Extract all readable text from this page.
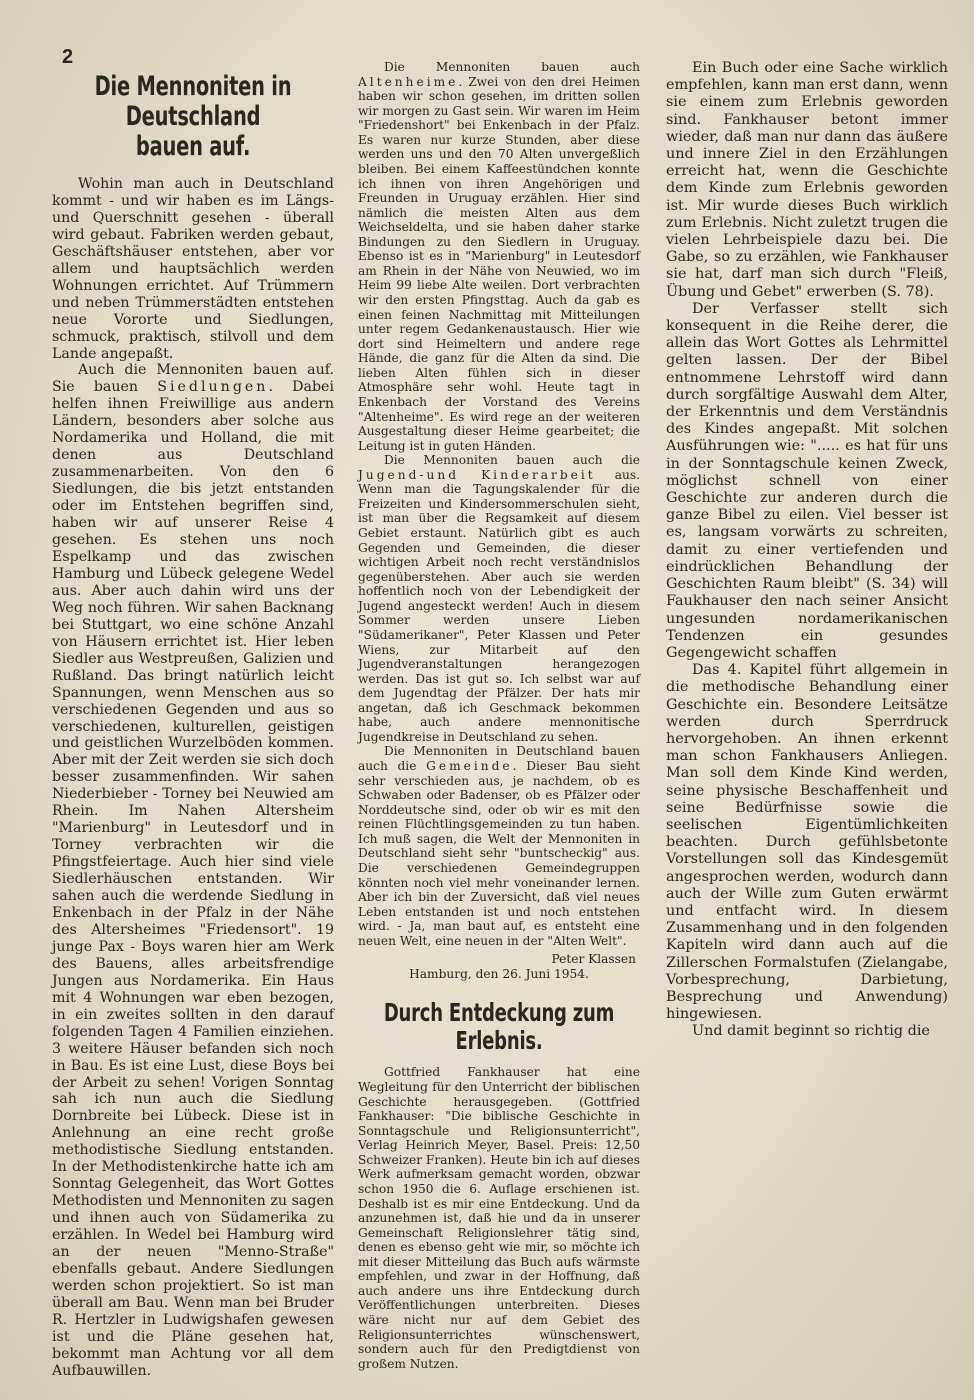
2
Die Mennoniten in Deutschland
bauen auf.

Wohin man auch in Deutschland kommt - und wir haben es im Längs- und Querschnitt gesehen - überall wird gebaut. Fabriken werden gebaut, Geschäftshäuser entstehen, aber vor allem und hauptsächlich werden Wohnungen errichtet. Auf Trümmern und neben Trümmerstädten entstehen neue Vororte und Siedlungen, schmuck, praktisch, stilvoll und dem Lande angepaßt.

Auch die Mennoniten bauen auf. Sie bauen Siedlungen. Dabei helfen ihnen Freiwillige aus andern Ländern, besonders aber solche aus Nordamerika und Holland, die mit denen aus Deutschland zusammenarbeiten. Von den 6 Siedlungen, die bis jetzt entstanden oder im Entstehen begriffen sind, haben wir auf unserer Reise 4 gesehen. Es stehen uns noch Espelkamp und das zwischen Hamburg und Lübeck gelegene Wedel aus. Aber auch dahin wird uns der Weg noch führen. Wir sahen Backnang bei Stuttgart, wo eine schöne Anzahl von Häusern errichtet ist. Hier leben Siedler aus Westpreußen, Galizien und Rußland. Das bringt natürlich leicht Spannungen, wenn Menschen aus so verschiedenen Gegenden und aus so verschiedenen, kulturellen, geistigen und geistlichen Wurzelböden kommen. Aber mit der Zeit werden sie sich doch besser zusammenfinden. Wir sahen Niederbieber - Torney bei Neuwied am Rhein. Im Nahen Altersheim "Marienburg" in Leutesdorf und in Torney verbrachten wir die Pfingstfeiertage. Auch hier sind viele Siedlerhäuschen entstanden. Wir sahen auch die werdende Siedlung in Enkenbach in der Pfalz in der Nähe des Altersheimes "Friedensort". 19 junge Pax - Boys waren hier am Werk des Bauens, alles arbeitsfrendige Jungen aus Nordamerika. Ein Haus mit 4 Wohnungen war eben bezogen, in ein zweites sollten in den darauf folgenden Tagen 4 Familien einziehen. 3 weitere Häuser befanden sich noch in Bau. Es ist eine Lust, diese Boys bei der Arbeit zu sehen! Vorigen Sonntag sah ich nun auch die Siedlung Dornbreite bei Lübeck. Diese ist in Anlehnung an eine recht große methodistische Siedlung entstanden. In der Methodistenkirche hatte ich am Sonntag Gelegenheit, das Wort Gottes Methodisten und Mennoniten zu sagen und ihnen auch von Südamerika zu erzählen. In Wedel bei Hamburg wird an der neuen "Menno-Straße" ebenfalls gebaut. Andere Siedlungen werden schon projektiert. So ist man überall am Bau. Wenn man bei Bruder R. Hertzler in Ludwigshafen gewesen ist und die Pläne gesehen hat, bekommt man Achtung vor all dem Aufbauwillen.

Die Mennoniten bauen auch Altenheime. Zwei von den drei Heimen haben wir schon gesehen, im dritten sollen wir morgen zu Gast sein. Wir waren im Heim "Friedenshort" bei Enkenbach in der Pfalz. Es waren nur kurze Stunden, aber diese werden uns und den 70 Alten unvergeßlich bleiben. Bei einem Kaffeestündchen konnte ich ihnen von ihren Angehörigen und Freunden in Uruguay erzählen. Hier sind nämlich die meisten Alten aus dem Weichseldelta, und sie haben daher starke Bindungen zu den Siedlern in Uruguay. Ebenso ist es in "Marienburg" in Leutesdorf am Rhein in der Nähe von Neuwied, wo im Heim 99 liebe Alte weilen. Dort verbrachten wir den ersten Pfingsttag. Auch da gab es einen feinen Nachmittag mit Mitteilungen unter regem Gedankenaustausch. Hier wie dort sind Heimeltern und andere rege Hände, die ganz für die Alten da sind. Die lieben Alten fühlen sich in dieser Atmosphäre sehr wohl. Heute tagt in Enkenbach der Vorstand des Vereins "Altenheime". Es wird rege an der weiteren Ausgestaltung dieser Heime gearbeitet; die Leitung ist in guten Händen.

Die Mennoniten bauen auch die Jugend-und Kinderarbeit aus. Wenn man die Tagungskalender für die Freizeiten und Kindersommerschulen sieht, ist man über die Regsamkeit auf diesem Gebiet erstaunt. Natürlich gibt es auch Gegenden und Gemeinden, die dieser wichtigen Arbeit noch recht verständnislos gegenüberstehen. Aber auch sie werden hoffentlich noch von der Lebendigkeit der Jugend angesteckt werden! Auch in diesem Sommer werden unsere Lieben "Südamerikaner", Peter Klassen und Peter Wiens, zur Mitarbeit auf den Jugendveranstaltungen herangezogen werden. Das ist gut so. Ich selbst war auf dem Jugendtag der Pfälzer. Der hats mir angetan, daß ich Geschmack bekommen habe, auch andere mennonitische Jugendkreise in Deutschland zu sehen.

Die Mennoniten in Deutschland bauen auch die Gemeinde. Dieser Bau sieht sehr verschieden aus, je nachdem, ob es Schwaben oder Badenser, ob es Pfälzer oder Norddeutsche sind, oder ob wir es mit den reinen Flüchtlingsgemeinden zu tun haben. Ich muß sagen, die Welt der Mennoniten in Deutschland sieht sehr "buntscheckig" aus. Die verschiedenen Gemeindegruppen könnten noch viel mehr voneinander lernen. Aber ich bin der Zuversicht, daß viel neues Leben entstanden ist und noch entstehen wird. - Ja, man baut auf, es entsteht eine neuen Welt, eine neuen in der "Alten Welt".

Peter Klassen

Hamburg, den 26. Juni 1954.

Durch Entdeckung zum Erlebnis.

Gottfried Fankhauser hat eine Wegleitung für den Unterricht der biblischen Geschichte herausgegeben. (Gottfried Fankhauser: "Die biblische Geschichte in Sonntagschule und Religionsunterricht", Verlag Heinrich Meyer, Basel. Preis: 12,50 Schweizer Franken). Heute bin ich auf dieses Werk aufmerksam gemacht worden, obzwar schon 1950 die 6. Auflage erschienen ist. Deshalb ist es mir eine Entdeckung. Und da anzunehmen ist, daß hie und da in unserer Gemeinschaft Religionslehrer tätig sind, denen es ebenso geht wie mir, so möchte ich mit dieser Mitteilung das Buch aufs wärmste empfehlen, und zwar in der Hoffnung, daß auch andere uns ihre Entdeckung durch Veröffentlichungen unterbreiten. Dieses wäre nicht nur auf dem Gebiet des Religionsunterrichtes wünschenswert, sondern auch für den Predigtdienst von großem Nutzen.

Ein Buch oder eine Sache wirklich empfehlen, kann man erst dann, wenn sie einem zum Erlebnis geworden sind. Fankhauser betont immer wieder, daß man nur dann das äußere und innere Ziel in den Erzählungen erreicht hat, wenn die Geschichte dem Kinde zum Erlebnis geworden ist. Mir wurde dieses Buch wirklich zum Erlebnis. Nicht zuletzt trugen die vielen Lehrbeispiele dazu bei. Die Gabe, so zu erzählen, wie Fankhauser sie hat, darf man sich durch "Fleiß, Übung und Gebet" erwerben (S. 78).

Der Verfasser stellt sich konsequent in die Reihe derer, die allein das Wort Gottes als Lehrmittel gelten lassen. Der der Bibel entnommene Lehrstoff wird dann durch sorgfältige Auswahl dem Alter, der Erkenntnis und dem Verständnis des Kindes angepaßt. Mit solchen Ausführungen wie: "..... es hat für uns in der Sonntagschule keinen Zweck, möglichst schnell von einer Geschichte zur anderen durch die ganze Bibel zu eilen. Viel besser ist es, langsam vorwärts zu schreiten, damit zu einer vertiefenden und eindrücklichen Behandlung der Geschichten Raum bleibt" (S. 34) will Faukhauser den nach seiner Ansicht ungesunden nordamerikanischen Tendenzen ein gesundes Gegengewicht schaffen

Das 4. Kapitel führt allgemein in die methodische Behandlung einer Geschichte ein. Besondere Leitsätze werden durch Sperrdruck hervorgehoben. An ihnen erkennt man schon Fankhausers Anliegen. Man soll dem Kinde Kind werden, seine physische Beschaffenheit und seine Bedürfnisse sowie die seelischen Eigentümlichkeiten beachten. Durch gefühlsbetonte Vorstellungen soll das Kindesgemüt angesprochen werden, wodurch dann auch der Wille zum Guten erwärmt und entfacht wird. In diesem Zusammenhang und in den folgenden Kapiteln wird dann auch auf die Zillerschen Formalstufen (Zielangabe, Vorbesprechung, Darbietung, Besprechung und Anwendung) hingewiesen.

Und damit beginnt so richtig die
